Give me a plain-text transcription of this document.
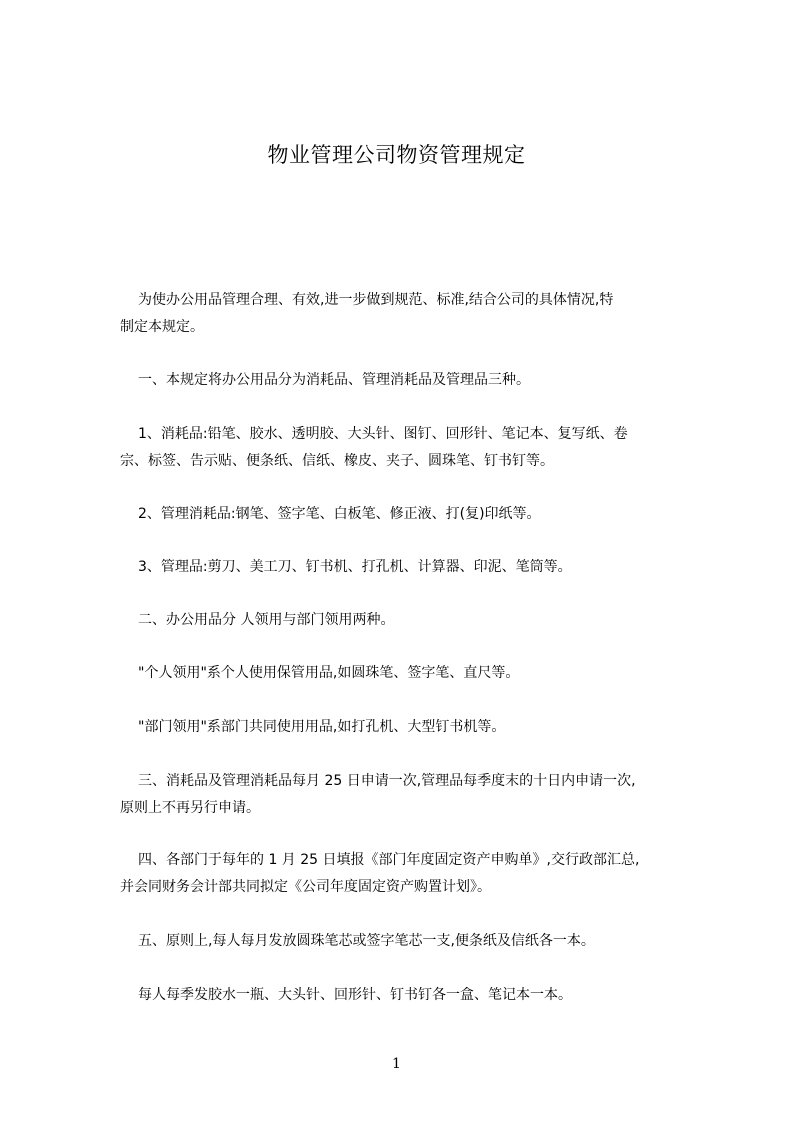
物业管理公司物资管理规定
为使办公用品管理合理、有效,进一步做到规范、标准,结合公司的具体情况,特
制定本规定。
一、本规定将办公用品分为消耗品、管理消耗品及管理品三种。
1、消耗品:铅笔、胶水、透明胶、大头针、图钉、回形针、笔记本、复写纸、卷
宗、标签、告示贴、便条纸、信纸、橡皮、夹子、圆珠笔、钉书钉等。
2、管理消耗品:钢笔、签字笔、白板笔、修正液、打(复)印纸等。
3、管理品:剪刀、美工刀、钉书机、打孔机、计算器、印泥、笔筒等。
二、办公用品分 人领用与部门领用两种。
"个人领用"系个人使用保管用品,如圆珠笔、签字笔、直尺等。
"部门领用"系部门共同使用用品,如打孔机、大型钉书机等。
三、消耗品及管理消耗品每月 25 日申请一次,管理品每季度末的十日内申请一次,
原则上不再另行申请。
四、各部门于每年的 1 月 25 日填报《部门年度固定资产申购单》,交行政部汇总,
并会同财务会计部共同拟定《公司年度固定资产购置计划》。
五、原则上,每人每月发放圆珠笔芯或签字笔芯一支,便条纸及信纸各一本。
每人每季发胶水一瓶、大头针、回形针、钉书钉各一盒、笔记本一本。
1
